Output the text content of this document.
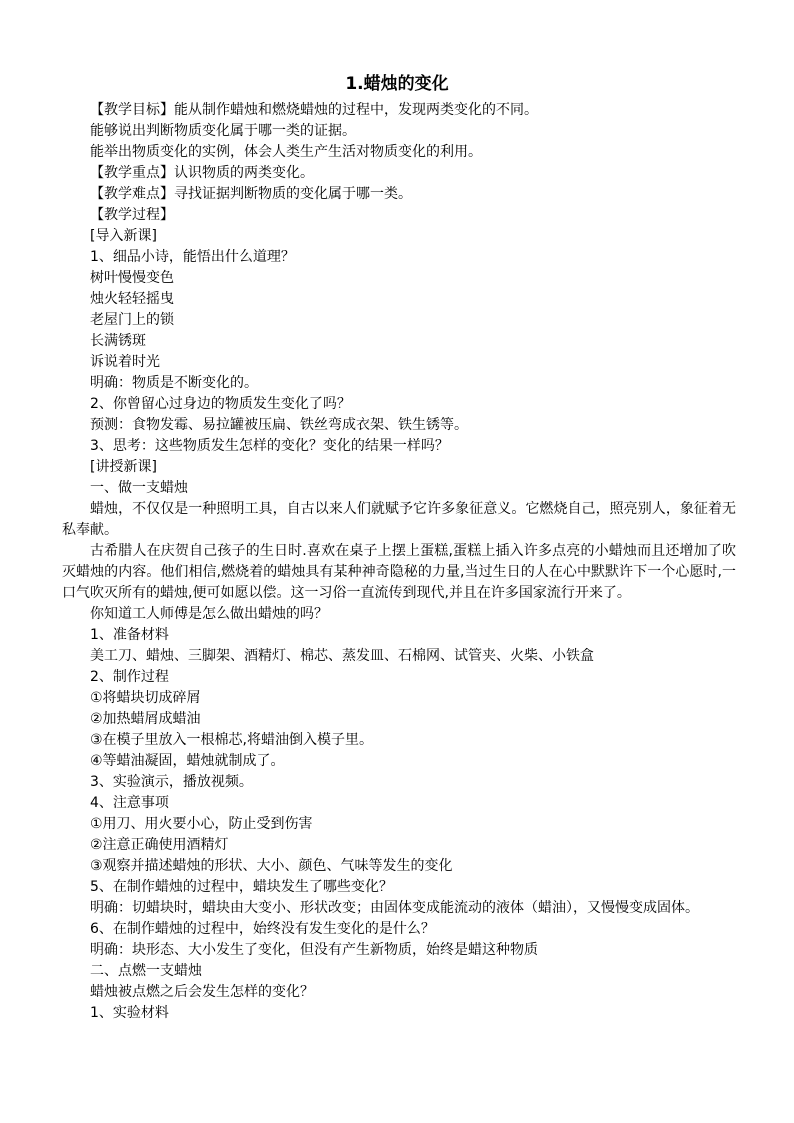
1.蜡烛的变化

【教学目标】能从制作蜡烛和燃烧蜡烛的过程中，发现两类变化的不同。

能够说出判断物质变化属于哪一类的证据。

能举出物质变化的实例，体会人类生产生活对物质变化的利用。

【教学重点】认识物质的两类变化。

【教学难点】寻找证据判断物质的变化属于哪一类。

【教学过程】

[导入新课]

1、细品小诗，能悟出什么道理？

树叶慢慢变色

烛火轻轻摇曳

老屋门上的锁

长满锈斑

诉说着时光

明确：物质是不断变化的。

2、你曾留心过身边的物质发生变化了吗？

预测：食物发霉、易拉罐被压扁、铁丝弯成衣架、铁生锈等。

3、思考：这些物质发生怎样的变化？变化的结果一样吗？

[讲授新课]

一、做一支蜡烛

蜡烛，不仅仅是一种照明工具，自古以来人们就赋予它许多象征意义。它燃烧自己，照亮别人，象征着无私奉献。

古希腊人在庆贺自己孩子的生日时.喜欢在桌子上摆上蛋糕,蛋糕上插入许多点亮的小蜡烛而且还增加了吹灭蜡烛的内容。他们相信,燃烧着的蜡烛具有某种神奇隐秘的力量,当过生日的人在心中默默许下一个心愿时,一口气吹灭所有的蜡烛,便可如愿以偿。这一习俗一直流传到现代,并且在许多国家流行开来了。

你知道工人师傅是怎么做出蜡烛的吗？

1、准备材料

美工刀、蜡烛、三脚架、酒精灯、棉芯、蒸发皿、石棉网、试管夹、火柴、小铁盒

2、制作过程

①将蜡块切成碎屑

②加热蜡屑成蜡油

③在模子里放入一根棉芯,将蜡油倒入模子里。

④等蜡油凝固，蜡烛就制成了。

3、实验演示，播放视频。

4、注意事项

①用刀、用火要小心，防止受到伤害

②注意正确使用酒精灯

③观察并描述蜡烛的形状、大小、颜色、气味等发生的变化

5、在制作蜡烛的过程中，蜡块发生了哪些变化？

明确：切蜡块时，蜡块由大变小、形状改变；由固体变成能流动的液体（蜡油），又慢慢变成固体。

6、在制作蜡烛的过程中，始终没有发生变化的是什么？

明确：块形态、大小发生了变化，但没有产生新物质，始终是蜡这种物质

二、点燃一支蜡烛

蜡烛被点燃之后会发生怎样的变化？

1、实验材料
